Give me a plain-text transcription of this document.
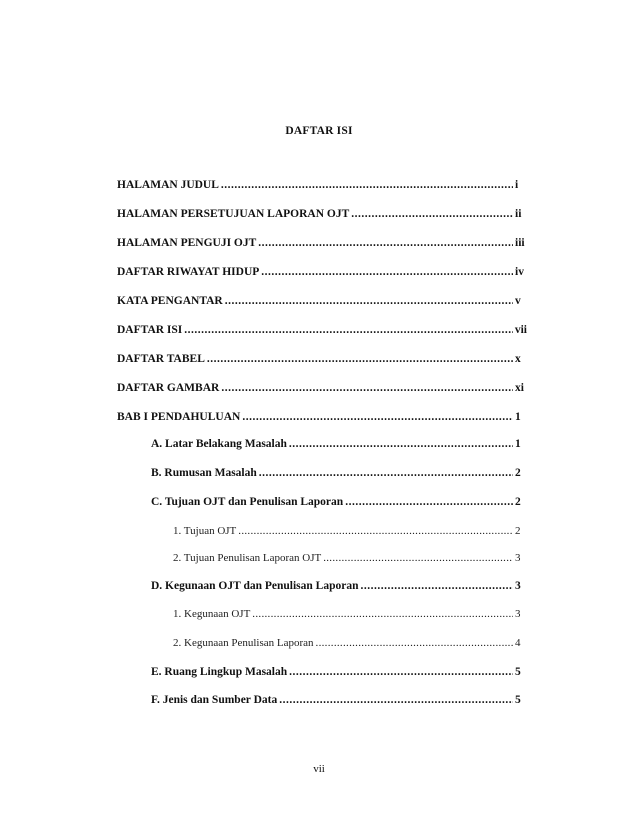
DAFTAR ISI
HALAMAN JUDUL .....	i
HALAMAN PERSETUJUAN LAPORAN OJT .....	ii
HALAMAN PENGUJI OJT .....	iii
DAFTAR RIWAYAT HIDUP .....	iv
KATA PENGANTAR .....	v
DAFTAR ISI .....	vii
DAFTAR TABEL .....	x
DAFTAR GAMBAR .....	xi
BAB I PENDAHULUAN .....	1
A. Latar Belakang Masalah .....	1
B. Rumusan Masalah .....	2
C. Tujuan OJT dan Penulisan Laporan .....	2
1. Tujuan OJT .....	2
2. Tujuan Penulisan Laporan OJT .....	3
D. Kegunaan OJT dan Penulisan Laporan .....	3
1. Kegunaan OJT .....	3
2. Kegunaan Penulisan Laporan .....	4
E. Ruang Lingkup Masalah .....	5
F. Jenis dan Sumber Data .....	5
vii
